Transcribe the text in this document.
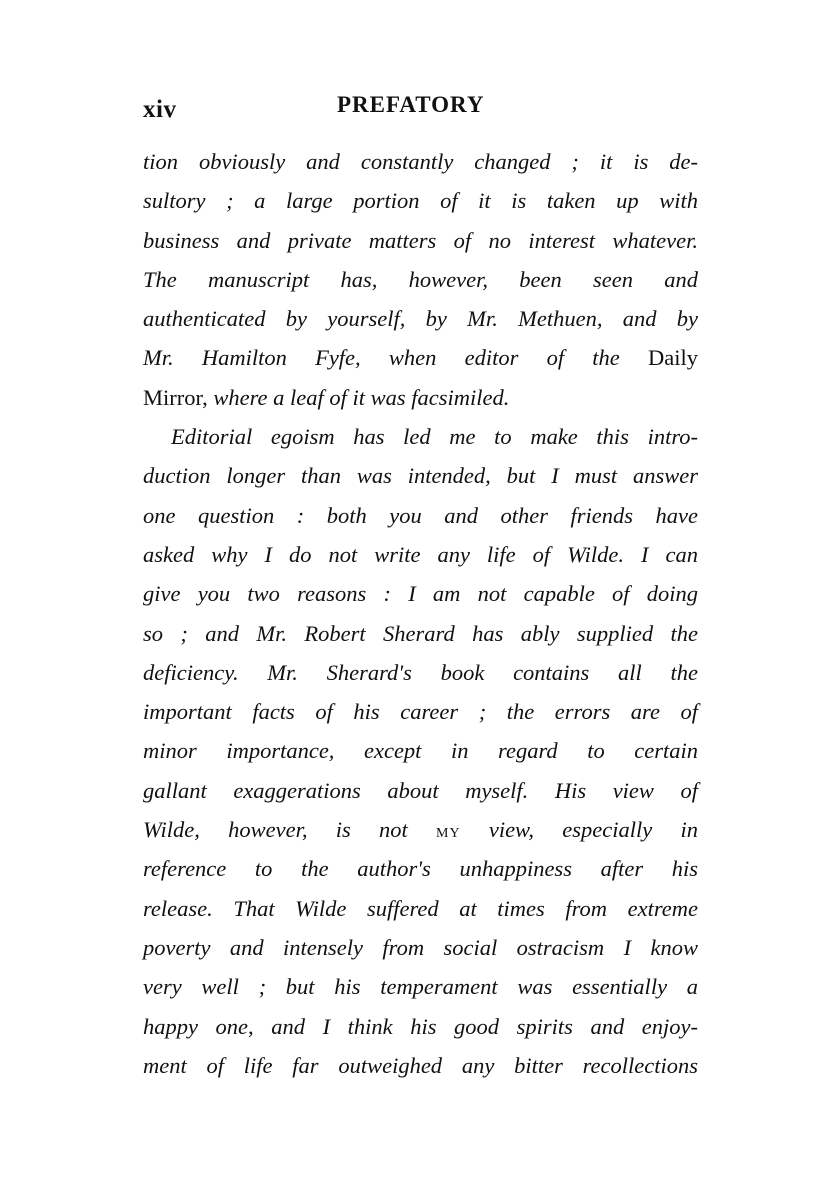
xiv	PREFATORY
tion obviously and constantly changed ; it is de-
sultory ; a large portion of it is taken up with
business and private matters of no interest whatever.
The manuscript has, however, been seen and
authenticated by yourself, by Mr. Methuen, and by
Mr. Hamilton Fyfe, when editor of the Daily
Mirror, where a leaf of it was facsimiled.
Editorial egoism has led me to make this intro-
duction longer than was intended, but I must answer
one question : both you and other friends have
asked why I do not write any life of Wilde. I can
give you two reasons : I am not capable of doing
so ; and Mr. Robert Sherard has ably supplied the
deficiency. Mr. Sherard's book contains all the
important facts of his career ; the errors are of
minor importance, except in regard to certain
gallant exaggerations about myself. His view of
Wilde, however, is not MY view, especially in
reference to the author's unhappiness after his
release. That Wilde suffered at times from extreme
poverty and intensely from social ostracism I know
very well ; but his temperament was essentially a
happy one, and I think his good spirits and enjoy-
ment of life far outweighed any bitter recollections
